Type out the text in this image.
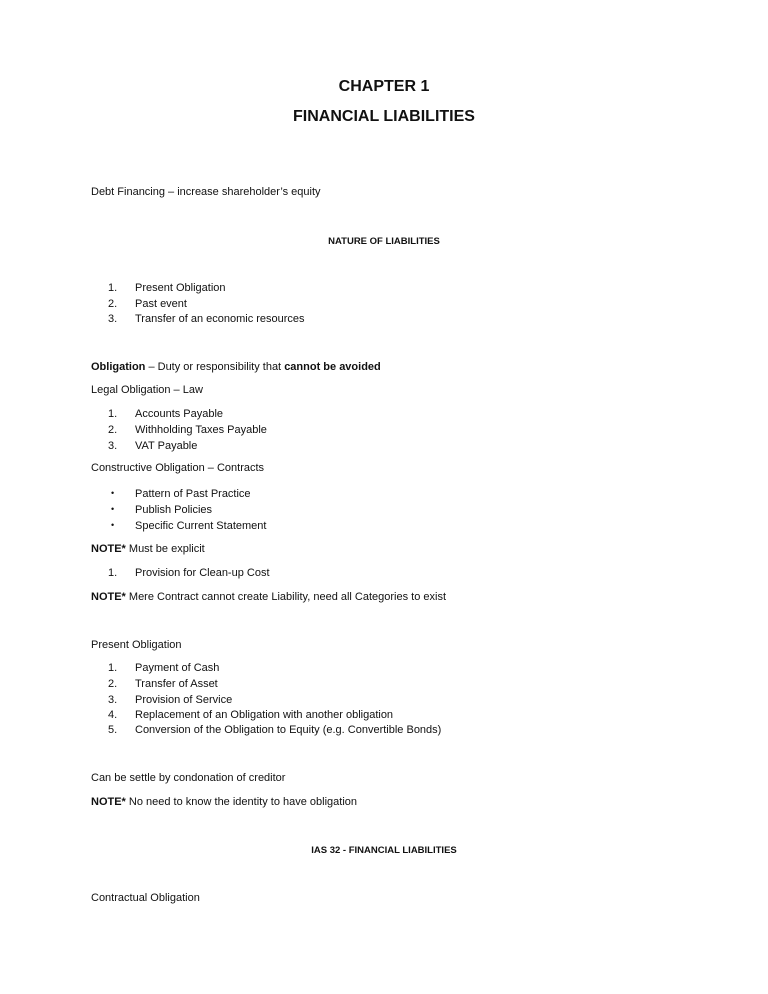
CHAPTER 1
FINANCIAL LIABILITIES
Debt Financing – increase shareholder’s equity
NATURE OF LIABILITIES
1. Present Obligation
2. Past event
3. Transfer of an economic resources
Obligation – Duty or responsibility that cannot be avoided
Legal Obligation – Law
1. Accounts Payable
2. Withholding Taxes Payable
3. VAT Payable
Constructive Obligation – Contracts
• Pattern of Past Practice
• Publish Policies
• Specific Current Statement
NOTE* Must be explicit
1. Provision for Clean-up Cost
NOTE* Mere Contract cannot create Liability, need all Categories to exist
Present Obligation
1. Payment of Cash
2. Transfer of Asset
3. Provision of Service
4. Replacement of an Obligation with another obligation
5. Conversion of the Obligation to Equity (e.g. Convertible Bonds)
Can be settle by condonation of creditor
NOTE* No need to know the identity to have obligation
IAS 32 - FINANCIAL LIABILITIES
Contractual Obligation
